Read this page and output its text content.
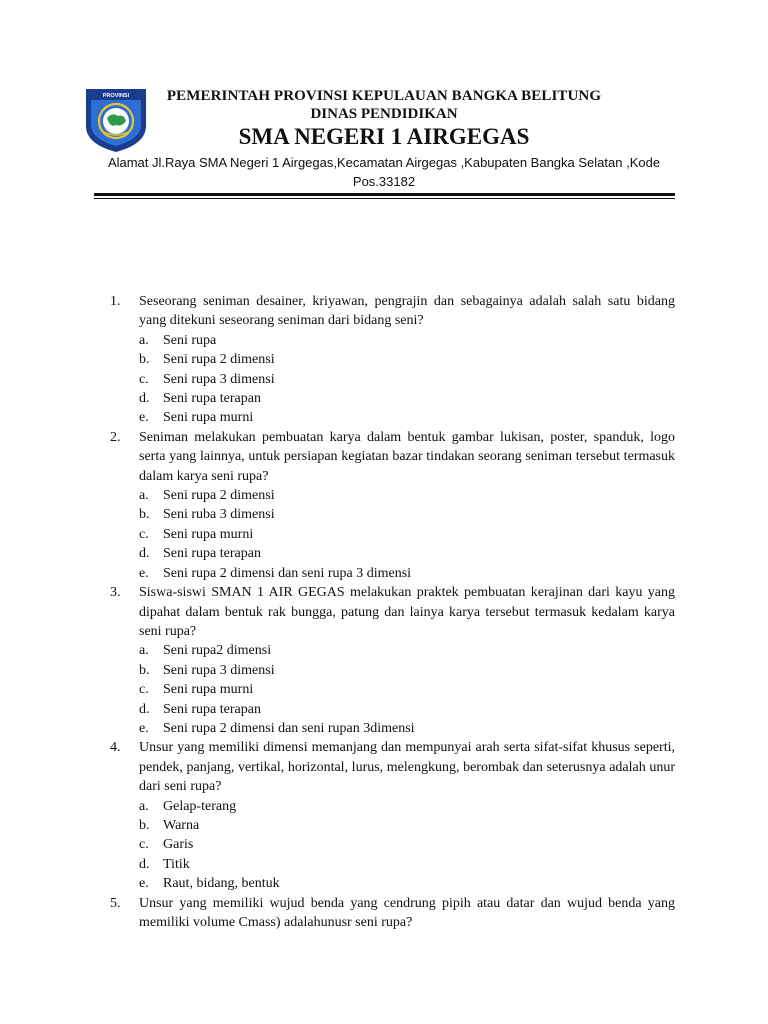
PROVINSI	PEMERINTAH PROVINSI KEPULAUAN BANGKA BELITUNG
DINAS PENDIDIKAN
SMA NEGERI 1 AIRGEGAS
Alamat Jl.Raya SMA Negeri 1 Airgegas,Kecamatan Airgegas ,Kabupaten Bangka Selatan ,Kode
Pos.33182
1.	Seseorang seniman desainer, kriyawan, pengrajin dan sebagainya adalah salah satu bidang yang ditekuni seseorang seniman dari bidang seni?
a.	Seni rupa
b. Seni rupa 2 dimensi
c.	Seni rupa 3 dimensi
d. Seni rupa terapan
e.	Seni rupa murni
2.	Seniman melakukan pembuatan karya dalam bentuk gambar lukisan, poster, spanduk, logo serta yang lainnya, untuk persiapan kegiatan bazar tindakan seorang seniman tersebut termasuk dalam karya seni rupa?
a.	Seni rupa 2 dimensi
b. Seni ruba 3 dimensi
c.	Seni rupa murni
d. Seni rupa terapan
e.	Seni rupa 2 dimensi dan seni rupa 3 dimensi
3.	Siswa-siswi SMAN 1 AIR GEGAS melakukan praktek pembuatan kerajinan dari kayu yang dipahat dalam bentuk rak bungga, patung dan lainya karya tersebut termasuk kedalam karya seni rupa?
a.	Seni rupa2 dimensi
b. Seni rupa 3 dimensi
c.	Seni rupa murni
d. Seni rupa terapan
e.	Seni rupa 2 dimensi dan seni rupan 3dimensi
4.	Unsur yang memiliki dimensi memanjang dan mempunyai arah serta sifat-sifat khusus seperti, pendek, panjang, vertikal, horizontal, lurus, melengkung, berombak dan seterusnya adalah unur dari seni rupa?
a.	Gelap-terang
b. Warna
c.	Garis
d. Titik
e.	Raut, bidang, bentuk
5.	Unsur yang memiliki wujud benda yang cendrung pipih atau datar dan wujud benda yang memiliki volume Cmass) adalahunusr seni rupa?
